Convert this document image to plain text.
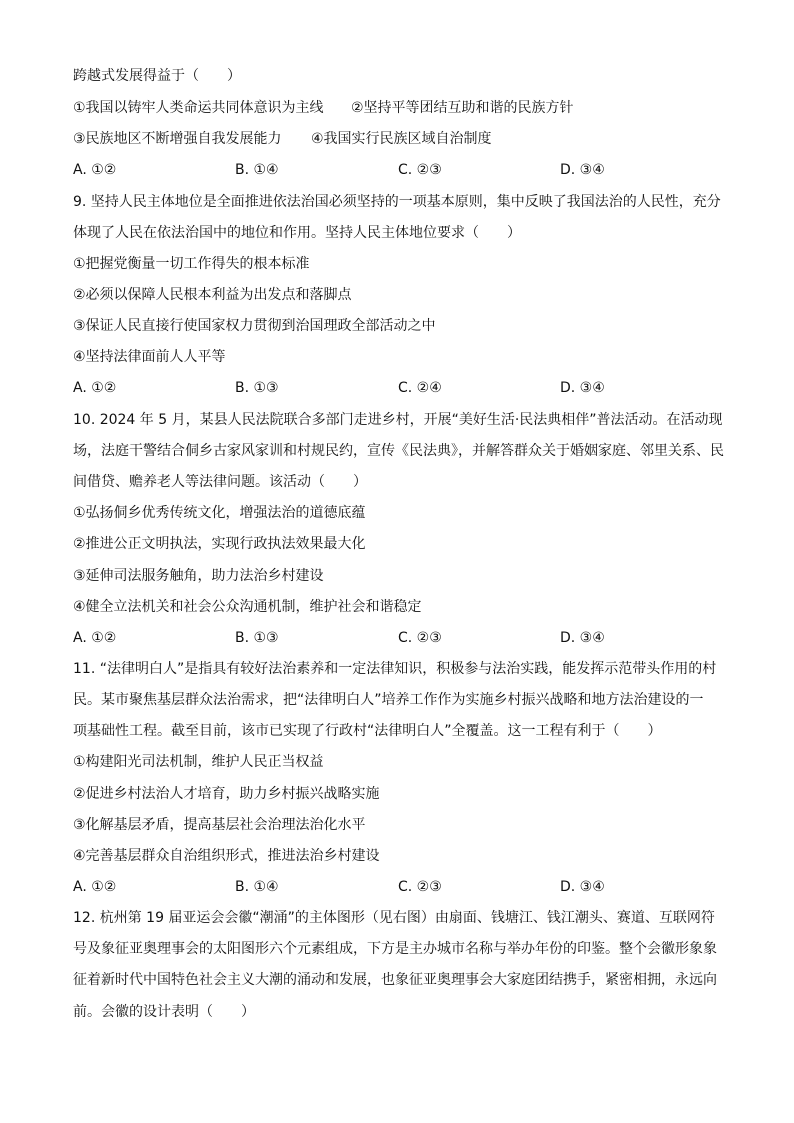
跨越式发展得益于（　　）
①我国以铸牢人类命运共同体意识为主线 ②坚持平等团结互助和谐的民族方针
③民族地区不断增强自我发展能力 ④我国实行民族区域自治制度
A. ①②	B. ①④	C. ②③	D. ③④
9. 坚持人民主体地位是全面推进依法治国必须坚持的一项基本原则，集中反映了我国法治的人民性，充分
体现了人民在依法治国中的地位和作用。坚持人民主体地位要求（　　）
①把握党衡量一切工作得失的根本标准
②必须以保障人民根本利益为出发点和落脚点
③保证人民直接行使国家权力贯彻到治国理政全部活动之中
④坚持法律面前人人平等
A. ①②	B. ①③	C. ②④	D. ③④
10. 2024 年 5 月，某县人民法院联合多部门走进乡村，开展“美好生活·民法典相伴”普法活动。在活动现
场，法庭干警结合侗乡古家风家训和村规民约，宣传《民法典》，并解答群众关于婚姻家庭、邻里关系、民
间借贷、赡养老人等法律问题。该活动（　　）
①弘扬侗乡优秀传统文化，增强法治的道德底蕴
②推进公正文明执法，实现行政执法效果最大化
③延伸司法服务触角，助力法治乡村建设
④健全立法机关和社会公众沟通机制，维护社会和谐稳定
A. ①②	B. ①③	C. ②③	D. ③④
11. “法律明白人”是指具有较好法治素养和一定法律知识，积极参与法治实践，能发挥示范带头作用的村
民。某市聚焦基层群众法治需求，把“法律明白人”培养工作作为实施乡村振兴战略和地方法治建设的一
项基础性工程。截至目前，该市已实现了行政村“法律明白人”全覆盖。这一工程有利于（　　）
①构建阳光司法机制，维护人民正当权益
②促进乡村法治人才培育，助力乡村振兴战略实施
③化解基层矛盾，提高基层社会治理法治化水平
④完善基层群众自治组织形式，推进法治乡村建设
A. ①②	B. ①④	C. ②③	D. ③④
12. 杭州第 19 届亚运会会徽“潮涌”的主体图形（见右图）由扇面、钱塘江、钱江潮头、赛道、互联网符
号及象征亚奥理事会的太阳图形六个元素组成，下方是主办城市名称与举办年份的印鉴。整个会徽形象象
征着新时代中国特色社会主义大潮的涌动和发展，也象征亚奥理事会大家庭团结携手，紧密相拥，永远向
前。会徽的设计表明（　　）
